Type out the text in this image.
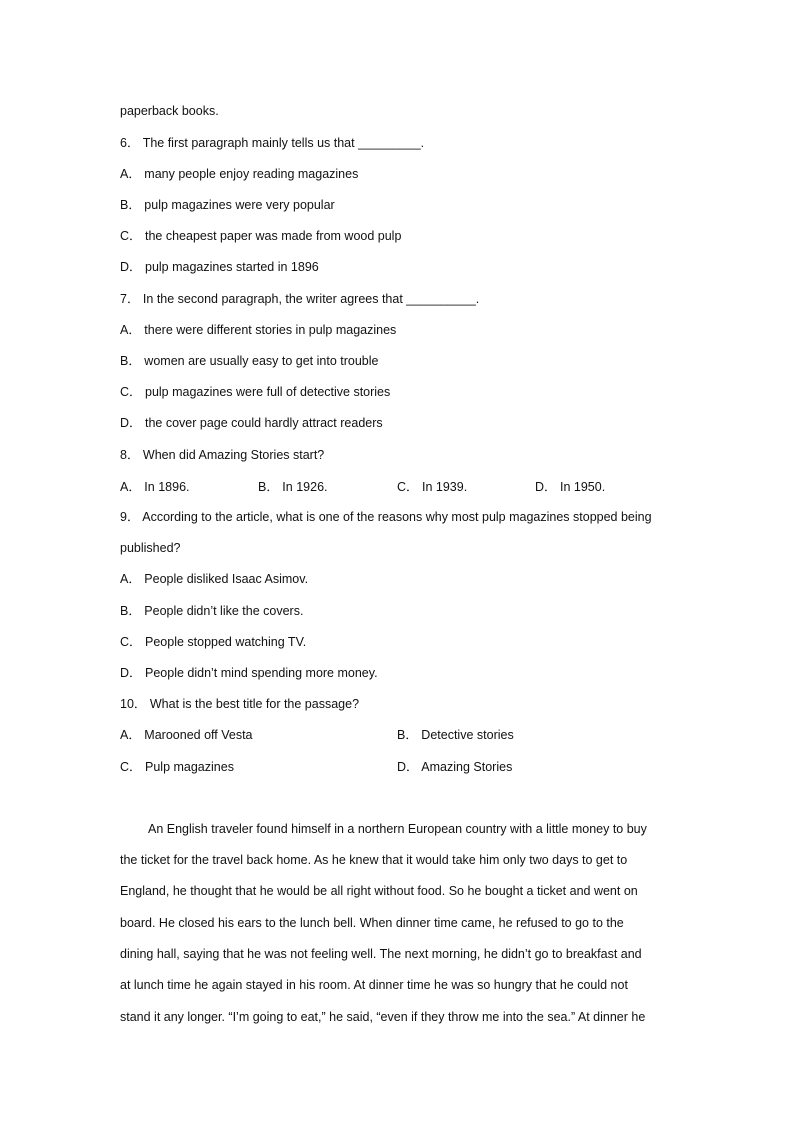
paperback books.
6． The first paragraph mainly tells us that _________.
A． many people enjoy reading magazines
B． pulp magazines were very popular
C． the cheapest paper was made from wood pulp
D． pulp magazines started in 1896
7． In the second paragraph, the writer agrees that __________.
A． there were different stories in pulp magazines
B． women are usually easy to get into trouble
C． pulp magazines were full of detective stories
D． the cover page could hardly attract readers
8． When did Amazing Stories start?
A． In 1896.	B． In 1926.	C． In 1939.	D． In 1950.
9． According to the article, what is one of the reasons why most pulp magazines stopped being
published?
A． People disliked Isaac Asimov.
B． People didn’t like the covers.
C． People stopped watching TV.
D． People didn’t mind spending more money.
10． What is the best title for the passage?
A． Marooned off Vesta	B． Detective stories
C． Pulp magazines	D． Amazing Stories
An English traveler found himself in a northern European country with a little money to buy
the ticket for the travel back home. As he knew that it would take him only two days to get to
England, he thought that he would be all right without food. So he bought a ticket and went on
board. He closed his ears to the lunch bell. When dinner time came, he refused to go to the
dining hall, saying that he was not feeling well. The next morning, he didn’t go to breakfast and
at lunch time he again stayed in his room. At dinner time he was so hungry that he could not
stand it any longer. “I’m going to eat,” he said, “even if they throw me into the sea.” At dinner he
